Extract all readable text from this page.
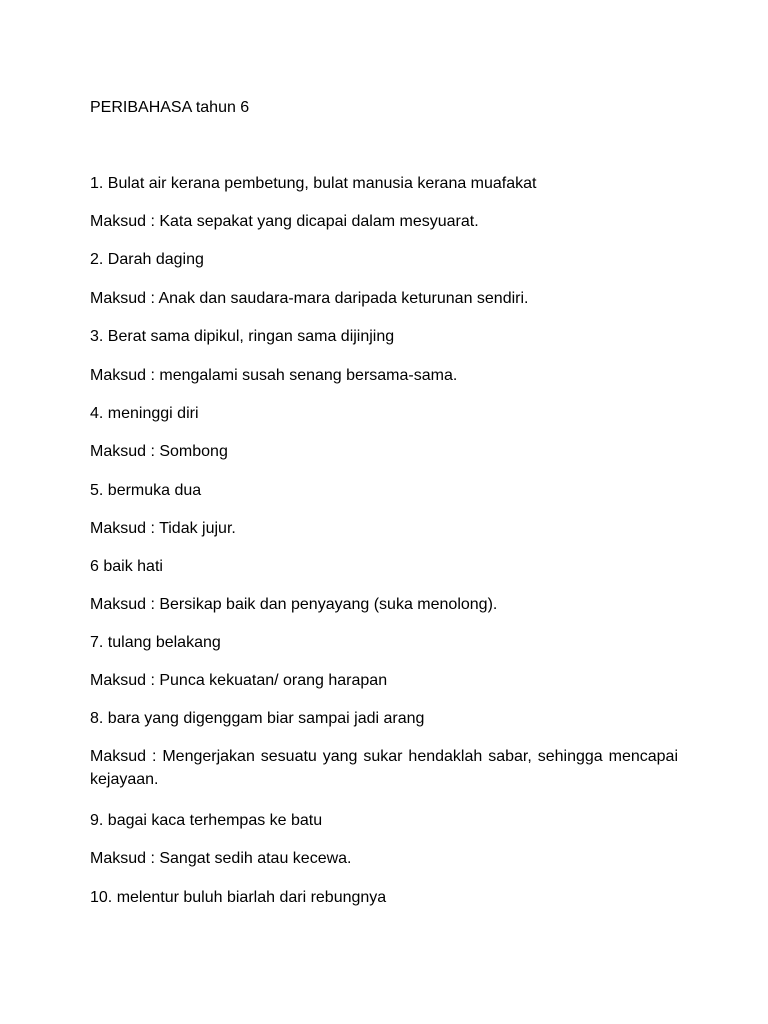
PERIBAHASA tahun 6

1. Bulat air kerana pembetung, bulat manusia kerana muafakat

Maksud : Kata sepakat yang dicapai dalam mesyuarat.

2. Darah daging

Maksud : Anak dan saudara-mara daripada keturunan sendiri.

3. Berat sama dipikul, ringan sama dijinjing

Maksud : mengalami susah senang bersama-sama.

4. meninggi diri

Maksud : Sombong

5. bermuka dua

Maksud : Tidak jujur.

6 baik hati

Maksud : Bersikap baik dan penyayang (suka menolong).

7. tulang belakang

Maksud : Punca kekuatan/ orang harapan

8. bara yang digenggam biar sampai jadi arang

Maksud : Mengerjakan sesuatu yang sukar hendaklah sabar, sehingga mencapai kejayaan.

9. bagai kaca terhempas ke batu

Maksud : Sangat sedih atau kecewa.

10. melentur buluh biarlah dari rebungnya
